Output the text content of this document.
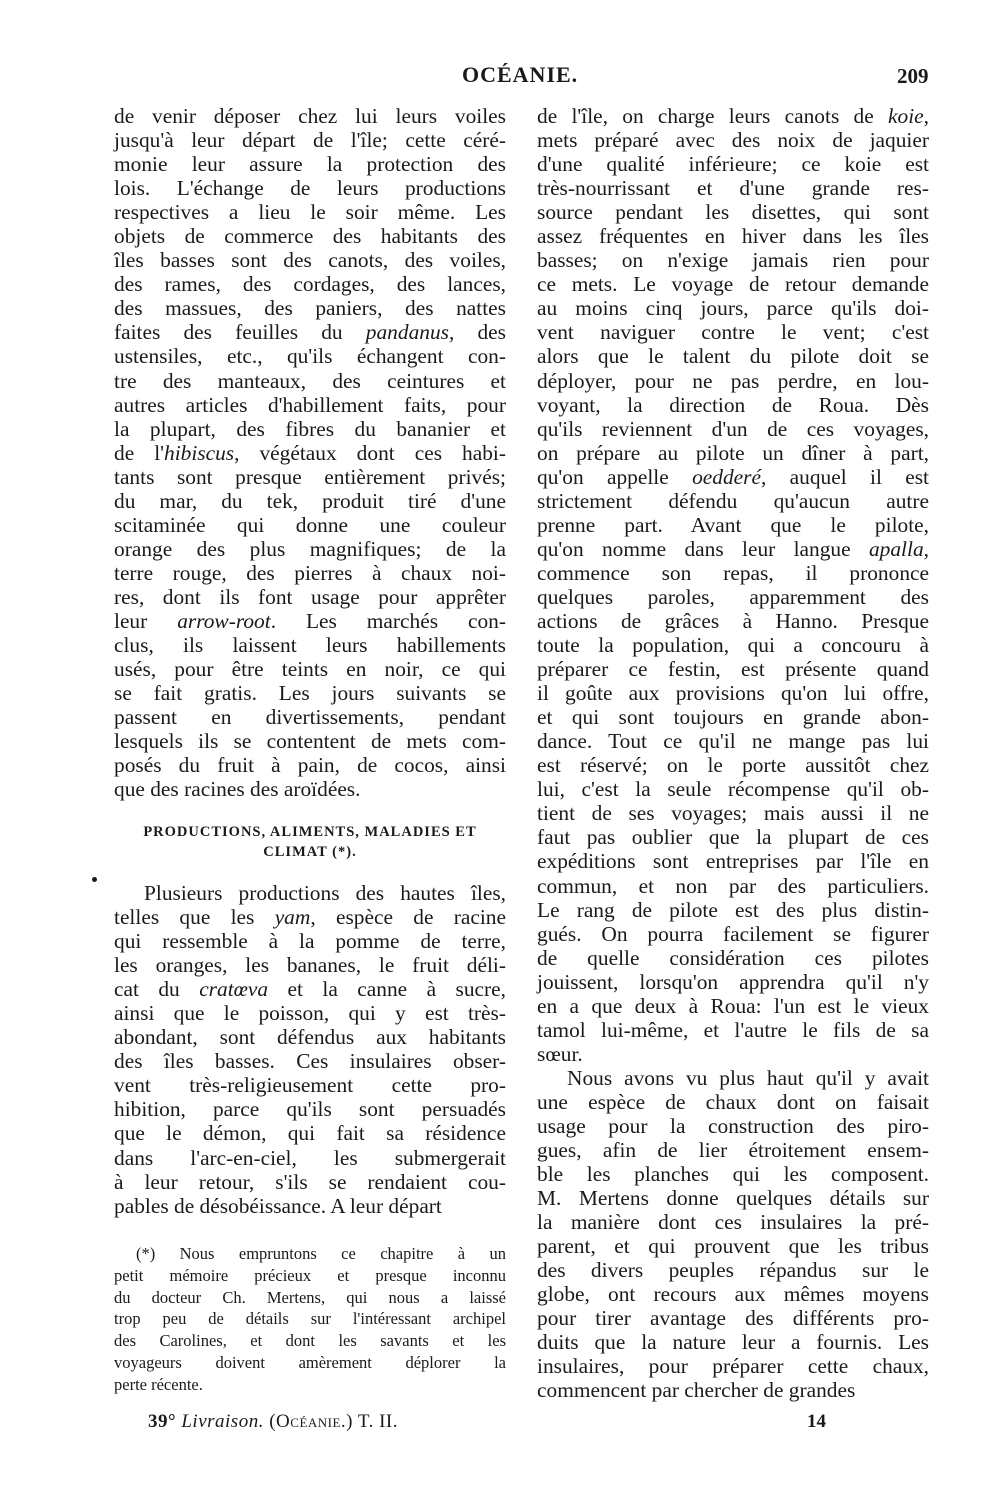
OCÉANIE.	209
de venir déposer chez lui leurs voiles
jusqu'à leur départ de l'île; cette céré-
monie leur assure la protection des
lois. L'échange de leurs productions
respectives a lieu le soir même. Les
objets de commerce des habitants des
îles basses sont des canots, des voiles,
des rames, des cordages, des lances,
des massues, des paniers, des nattes
faites des feuilles du pandanus, des
ustensiles, etc., qu'ils échangent con-
tre des manteaux, des ceintures et
autres articles d'habillement faits, pour
la plupart, des fibres du bananier et
de l'hibiscus, végétaux dont ces habi-
tants sont presque entièrement privés;
du mar, du tek, produit tiré d'une
scitaminée qui donne une couleur
orange des plus magnifiques; de la
terre rouge, des pierres à chaux noi-
res, dont ils font usage pour apprêter
leur arrow-root. Les marchés con-
clus, ils laissent leurs habillements
usés, pour être teints en noir, ce qui
se fait gratis. Les jours suivants se
passent en divertissements, pendant
lesquels ils se contentent de mets com-
posés du fruit à pain, de cocos, ainsi
que des racines des aroïdées.
PRODUCTIONS, ALIMENTS, MALADIES ET
CLIMAT (*).
Plusieurs productions des hautes îles,
telles que les yam, espèce de racine
qui ressemble à la pomme de terre,
les oranges, les bananes, le fruit déli-
cat du cratœva et la canne à sucre,
ainsi que le poisson, qui y est très-
abondant, sont défendus aux habitants
des îles basses. Ces insulaires obser-
vent très-religieusement cette pro-
hibition, parce qu'ils sont persuadés
que le démon, qui fait sa résidence
dans l'arc-en-ciel, les submergerait
à leur retour, s'ils se rendaient cou-
pables de désobéissance. A leur départ
(*) Nous empruntons ce chapitre à un
petit mémoire précieux et presque inconnu
du docteur Ch. Mertens, qui nous a laissé
trop peu de détails sur l'intéressant archipel
des Carolines, et dont les savants et les
voyageurs doivent amèrement déplorer la
perte récente.
de l'île, on charge leurs canots de koie,
mets préparé avec des noix de jaquier
d'une qualité inférieure; ce koie est
très-nourrissant et d'une grande res-
source pendant les disettes, qui sont
assez fréquentes en hiver dans les îles
basses; on n'exige jamais rien pour
ce mets. Le voyage de retour demande
au moins cinq jours, parce qu'ils doi-
vent naviguer contre le vent; c'est
alors que le talent du pilote doit se
déployer, pour ne pas perdre, en lou-
voyant, la direction de Roua. Dès
qu'ils reviennent d'un de ces voyages,
on prépare au pilote un dîner à part,
qu'on appelle oedderé, auquel il est
strictement défendu qu'aucun autre
prenne part. Avant que le pilote,
qu'on nomme dans leur langue apalla,
commence son repas, il prononce
quelques paroles, apparemment des
actions de grâces à Hanno. Presque
toute la population, qui a concouru à
préparer ce festin, est présente quand
il goûte aux provisions qu'on lui offre,
et qui sont toujours en grande abon-
dance. Tout ce qu'il ne mange pas lui
est réservé; on le porte aussitôt chez
lui, c'est la seule récompense qu'il ob-
tient de ses voyages; mais aussi il ne
faut pas oublier que la plupart de ces
expéditions sont entreprises par l'île en
commun, et non par des particuliers.
Le rang de pilote est des plus distin-
gués. On pourra facilement se figurer
de quelle considération ces pilotes
jouissent, lorsqu'on apprendra qu'il n'y
en a que deux à Roua: l'un est le vieux
tamol lui-même, et l'autre le fils de sa
sœur.
Nous avons vu plus haut qu'il y avait
une espèce de chaux dont on faisait
usage pour la construction des piro-
gues, afin de lier étroitement ensem-
ble les planches qui les composent.
M. Mertens donne quelques détails sur
la manière dont ces insulaires la pré-
parent, et qui prouvent que les tribus
des divers peuples répandus sur le
globe, ont recours aux mêmes moyens
pour tirer avantage des différents pro-
duits que la nature leur a fournis. Les
insulaires, pour préparer cette chaux,
commencent par chercher de grandes
39° Livraison. (Océanie.) T. II.	14
